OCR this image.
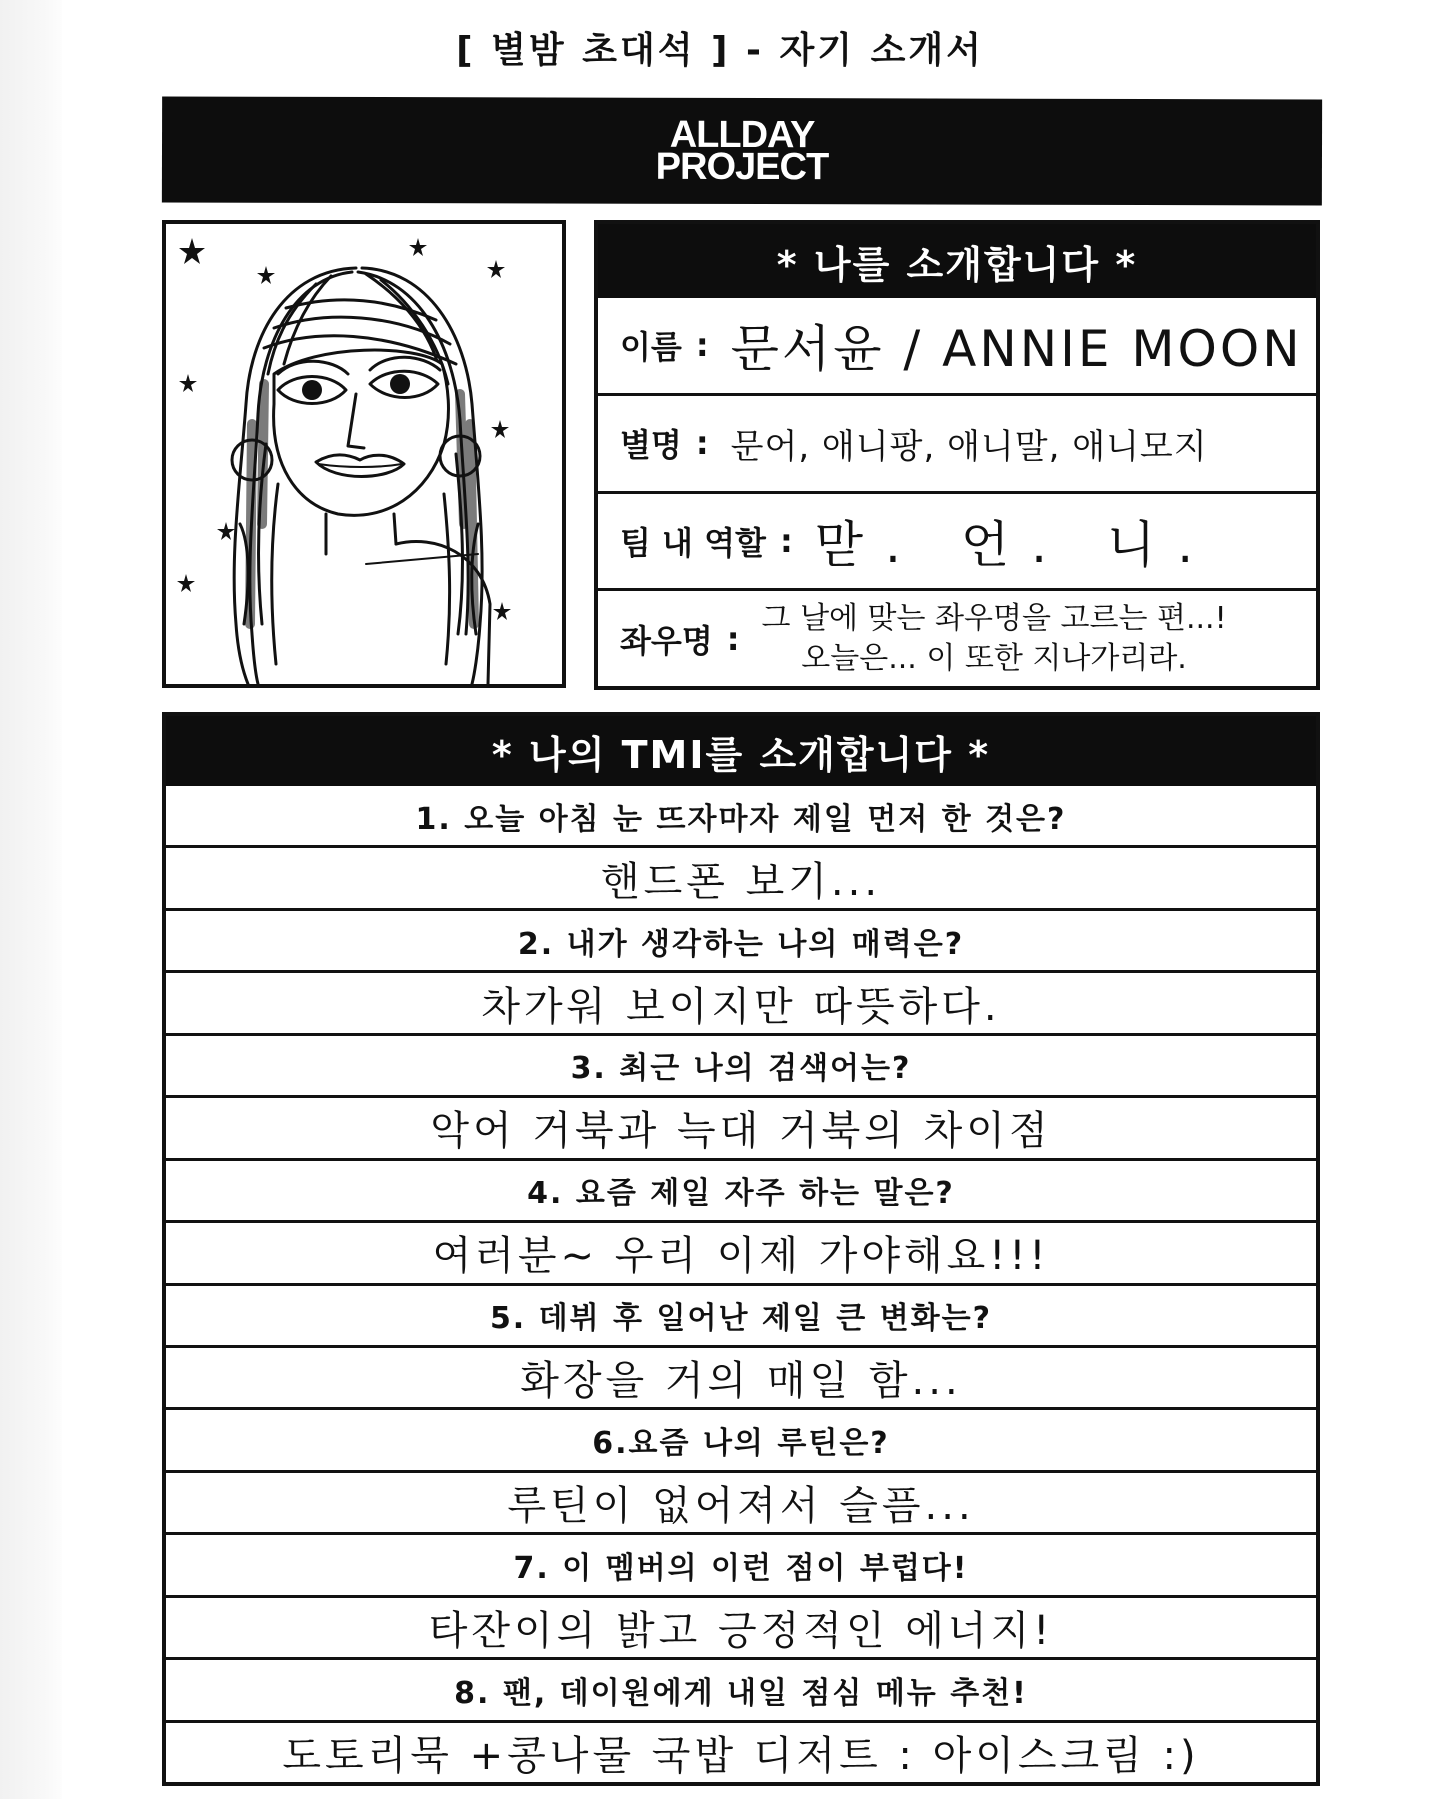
[ 별밤 초대석 ] - 자기 소개서
ALLDAY
PROJECT
* 나를 소개합니다 *
이름 : 문서윤 / ANNIE MOON
별명 : 문어, 애니팡, 애니말, 애니모지
팀 내 역할 : 맏. 언. 니.
좌우명 :
그 날에 맞는 좌우명을 고르는 편...!
오늘은... 이 또한 지나가리라.
* 나의 TMI를 소개합니다 *
1. 오늘 아침 눈 뜨자마자 제일 먼저 한 것은?
핸드폰 보기...
2. 내가 생각하는 나의 매력은?
차가워 보이지만 따뜻하다.
3. 최근 나의 검색어는?
악어 거북과 늑대 거북의 차이점
4. 요즘 제일 자주 하는 말은?
여러분~ 우리 이제 가야해요!!!
5. 데뷔 후 일어난 제일 큰 변화는?
화장을 거의 매일 함...
6.요즘 나의 루틴은?
루틴이 없어져서 슬픔...
7. 이 멤버의 이런 점이 부럽다!
타잔이의 밝고 긍정적인 에너지!
8. 팬, 데이원에게 내일 점심 메뉴 추천!
도토리묵 +콩나물 국밥 디저트 : 아이스크림 :)
